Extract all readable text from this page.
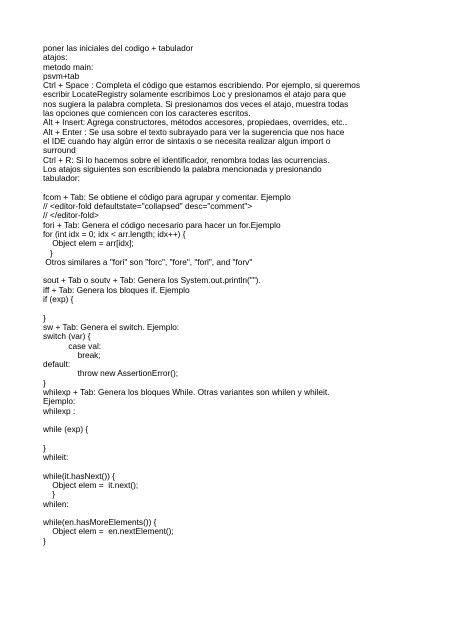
poner las iniciales del codigo + tabulador
atajos:
metodo main:
psvm+tab
Ctrl + Space : Completa el código que estamos escribiendo. Por ejemplo, si queremos
escribir LocateRegistry solamente escribimos Loc y presionamos el atajo para que
nos sugiera la palabra completa. Si presionamos dos veces el atajo, muestra todas
las opciones que comiencen con los caracteres escritos.
Alt + Insert: Agrega constructores, métodos accesores, propiedaes, overrides, etc..
Alt + Enter : Se usa sobre el texto subrayado para ver la sugerencia que nos hace
el IDE cuando hay algún error de sintaxis o se necesita realizar algun import o
surround
Ctrl + R: Si lo hacemos sobre el identificador, renombra todas las ocurrencias.
Los atajos siguientes son escribiendo la palabra mencionada y presionando
tabulador:

fcom + Tab: Se obtiene el código para agrupar y comentar. Ejemplo
// <editor-fold defaultstate="collapsed" desc="comment">
// </editor-fold>
fori + Tab: Genera el código necesario para hacer un for.Ejemplo
for (int idx = 0; idx < arr.length; idx++) {
Object elem = arr[idx];
}
Otros similares a "fori" son "forc", "fore", "forl", and "forv"

sout + Tab o soutv + Tab: Genera los System.out.println("").
iff + Tab: Genera los bloques if. Ejemplo
if (exp) {

}
sw + Tab: Genera el switch. Ejemplo:
switch (var) {
case val:
break;
default:
throw new AssertionError();
}
whilexp + Tab: Genera los bloques While. Otras variantes son whilen y whileit.
Ejemplo:
whilexp :

while (exp) {

}
whileit:

while(it.hasNext()) {
Object elem =  it.next();
}
whilen:

while(en.hasMoreElements()) {
Object elem =  en.nextElement();
}
